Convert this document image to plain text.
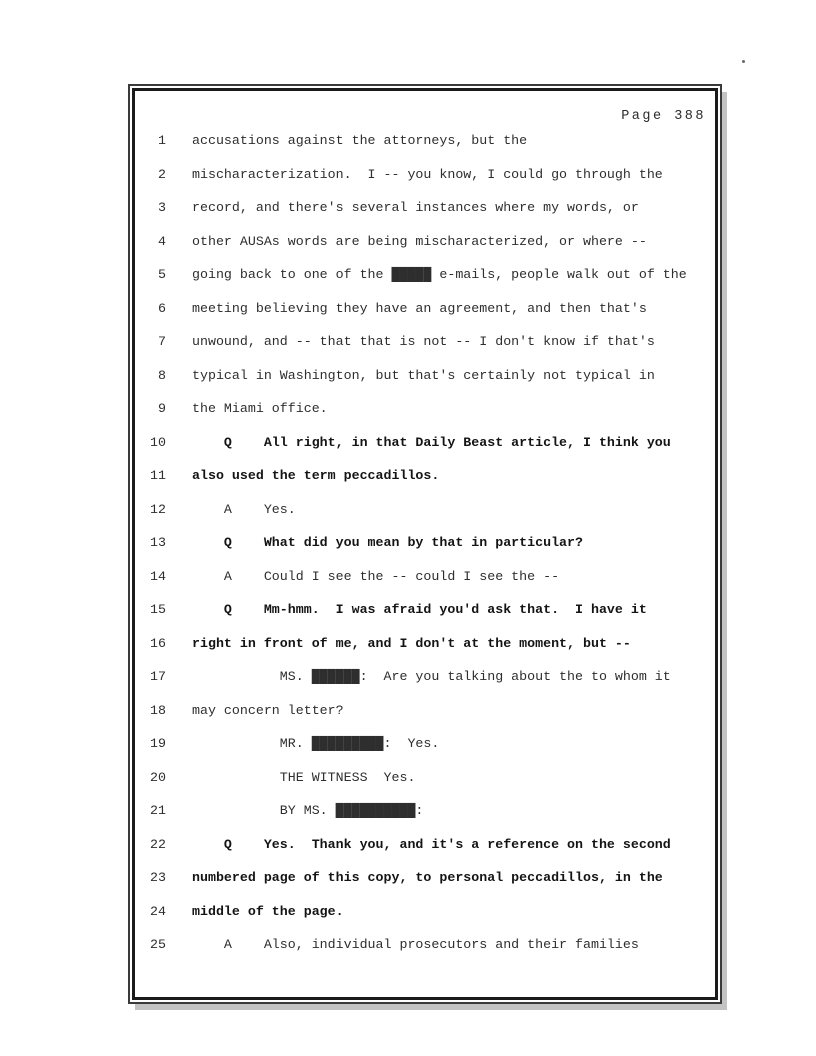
Page 388
1 accusations against the attorneys, but the
2 mischaracterization.  I -- you know, I could go through the
3 record, and there's several instances where my words, or
4 other AUSAs words are being mischaracterized, or where --
5 going back to one of the █████ e-mails, people walk out of the
6 meeting believing they have an agreement, and then that's
7 unwound, and -- that that is not -- I don't know if that's
8 typical in Washington, but that's certainly not typical in
9 the Miami office.
10 Q    All right, in that Daily Beast article, I think you
11 also used the term peccadillos.
12 A    Yes.
13 Q    What did you mean by that in particular?
14 A    Could I see the -- could I see the --
15 Q    Mm-hmm.  I was afraid you'd ask that.  I have it
16 right in front of me, and I don't at the moment, but --
17 MS. ██████:  Are you talking about the to whom it
18 may concern letter?
19 MR. █████████:  Yes.
20 THE WITNESS  Yes.
21 BY MS. ██████████:
22 Q    Yes.  Thank you, and it's a reference on the second
23 numbered page of this copy, to personal peccadillos, in the
24 middle of the page.
25 A    Also, individual prosecutors and their families
